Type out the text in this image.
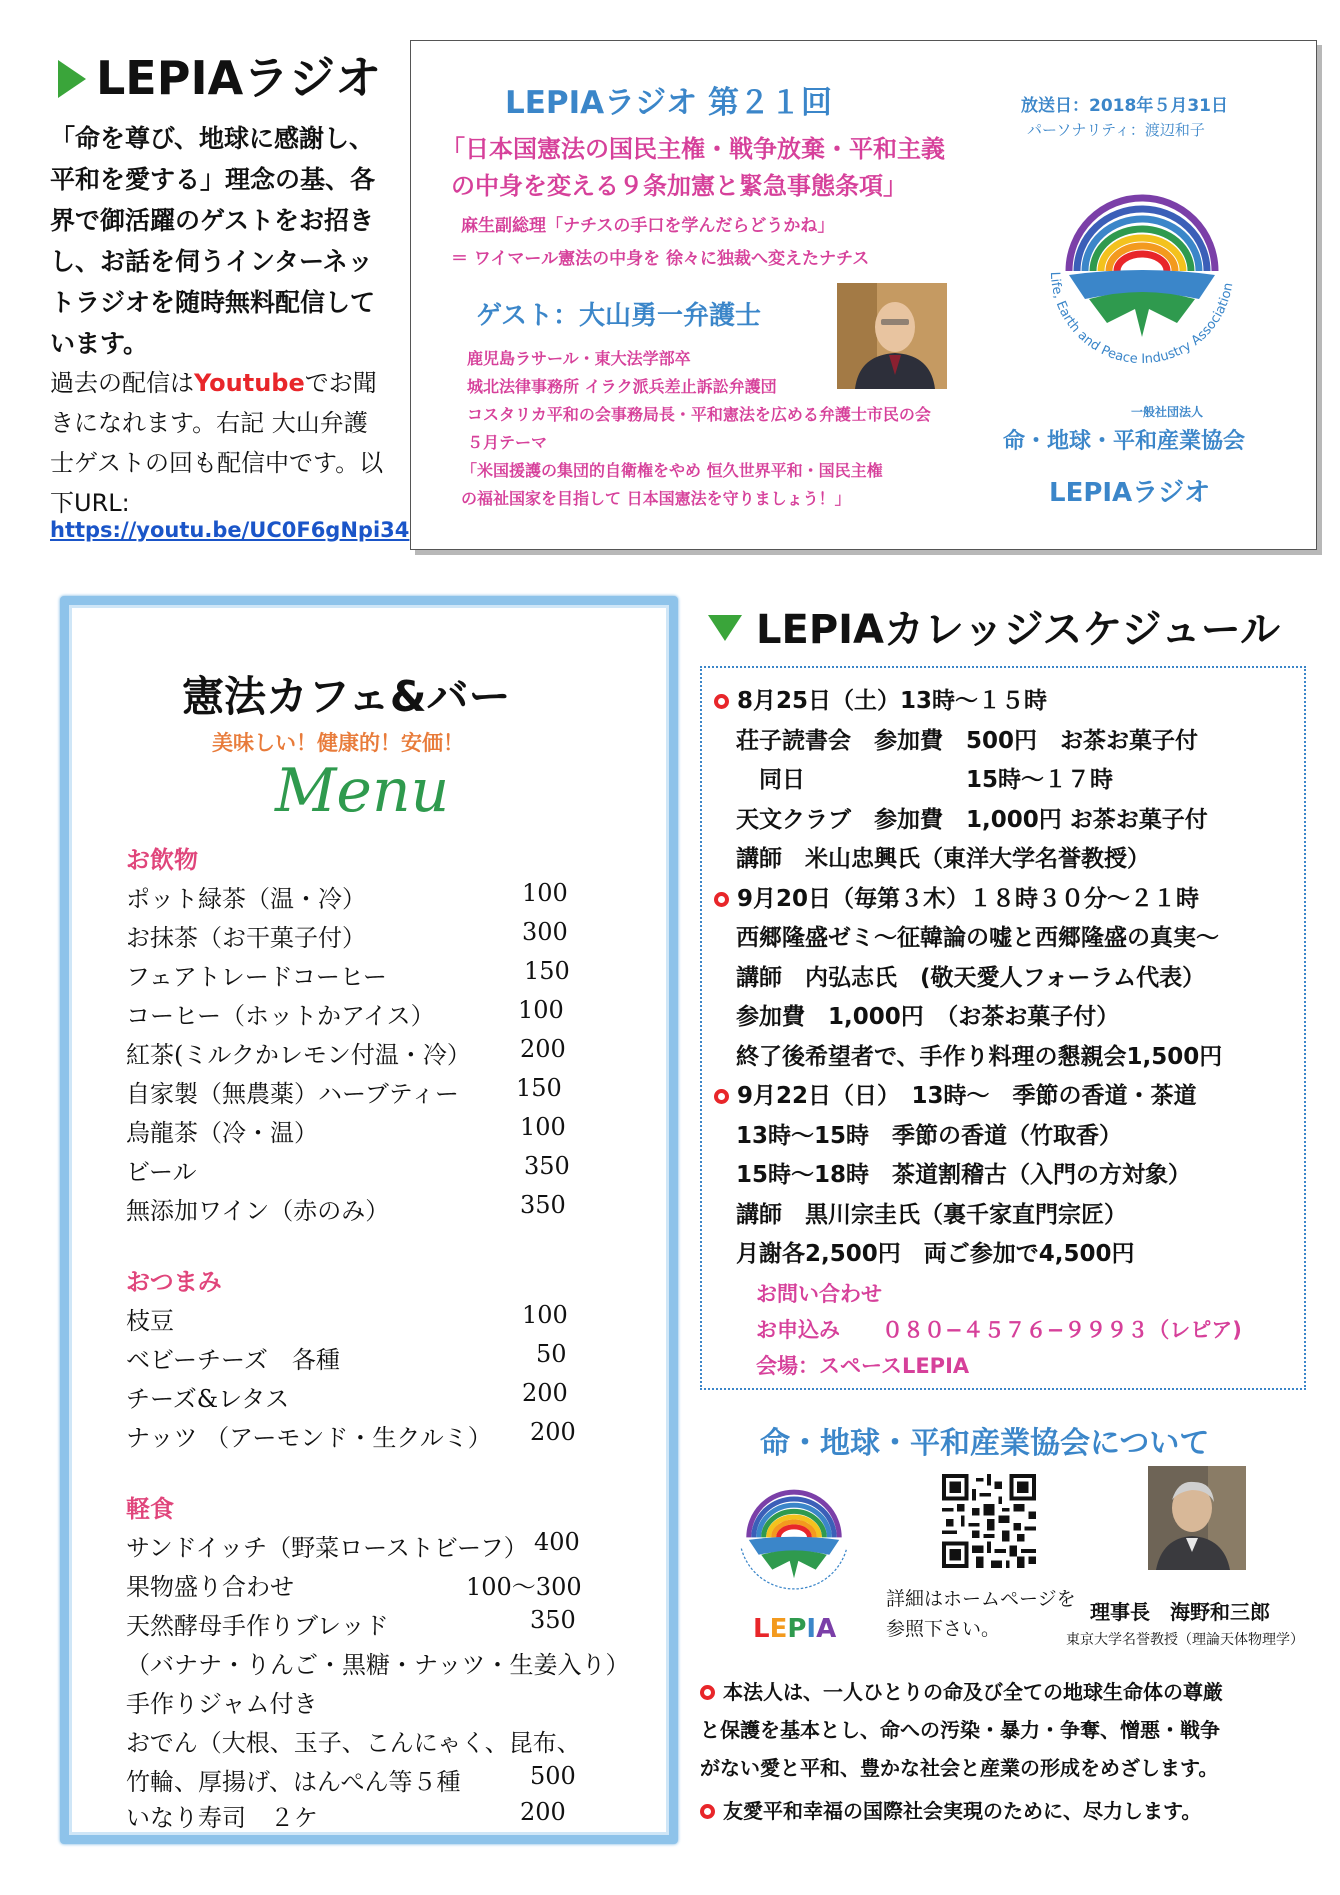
LEPIAラジオ
「命を尊び、地球に感謝し、平和を愛する」理念の基、各界で御活躍のゲストをお招きし、お話を伺うインターネットラジオを随時無料配信しています。
過去の配信はYoutubeでお聞きになれます。右記 大山弁護士ゲストの回も配信中です。以下URL:
https://youtu.be/UC0F6gNpi34
LEPIAラジオ 第２１回
「日本国憲法の国民主権・戦争放棄・平和主義
の中身を変える９条加憲と緊急事態条項」
麻生副総理「ナチスの手口を学んだらどうかね」
＝ ワイマール憲法の中身を 徐々に独裁へ変えたナチス
ゲスト：大山勇一弁護士
鹿児島ラサール・東大法学部卒
城北法律事務所 イラク派兵差止訴訟弁護団
コスタリカ平和の会事務局長・平和憲法を広める弁護士市民の会
５月テーマ
「米国援護の集団的自衛権をやめ 恒久世界平和・国民主権
の福祉国家を目指して 日本国憲法を守りましょう！」
放送日：2018年５月31日
パーソナリティ：渡辺和子
Life, Earth and Peace Industry Association
一般社団法人
命・地球・平和産業協会
LEPIAラジオ
憲法カフェ&バー
美味しい！健康的！安価！
Menu
お飲物
ポット緑茶（温・冷）	100
お抹茶（お干菓子付）	300
フェアトレードコーヒー	150
コーヒー（ホットかアイス）	100
紅茶(ミルクかレモン付温・冷） 200
自家製（無農薬）ハーブティー 150
烏龍茶（冷・温）	100
ビール	350
無添加ワイン（赤のみ）	350
おつまみ
枝豆	100
ベビーチーズ　各種	50
チーズ&レタス	200
ナッツ （アーモンド・生クルミ） 200
軽食
サンドイッチ（野菜ローストビーフ） 400
果物盛り合わせ	100〜300
天然酵母手作りブレッド	350
（バナナ・りんご・黒糖・ナッツ・生姜入り）
手作りジャム付き
おでん（大根、玉子、こんにゃく、昆布、
竹輪、厚揚げ、はんぺん等５種	500
いなり寿司　２ケ	200
LEPIAカレッジスケジュール
8月25日（土）13時〜１５時
荘子読書会　参加費　500円　お茶お菓子付
　同日　　　　　　　15時〜１７時
天文クラブ　参加費　1,000円 お茶お菓子付
講師　米山忠興氏（東洋大学名誉教授）
9月20日（毎第３木）１８時３０分〜２１時
西郷隆盛ゼミ〜征韓論の嘘と西郷隆盛の真実〜
講師　内弘志氏　(敬天愛人フォーラム代表）
参加費　1,000円　（お茶お菓子付）
終了後希望者で、手作り料理の懇親会1,500円
9月22日（日）　13時〜　季節の香道・茶道
13時〜15時　季節の香道（竹取香）
15時〜18時　茶道割稽古（入門の方対象）
講師　黒川宗圭氏（裏千家直門宗匠）
月謝各2,500円　両ご参加で4,500円
お問い合わせ
お申込み　　０８０−４５７６−９９９３（レピア)
会場：スペースLEPIA
命・地球・平和産業協会について
LEPIA
詳細はホームページを参照下さい。
理事長　海野和三郎
東京大学名誉教授（理論天体物理学）
本法人は、一人ひとりの命及び全ての地球生命体の尊厳
と保護を基本とし、命への汚染・暴力・争奪、憎悪・戦争
がない愛と平和、豊かな社会と産業の形成をめざします。
友愛平和幸福の国際社会実現のために、尽力します。
